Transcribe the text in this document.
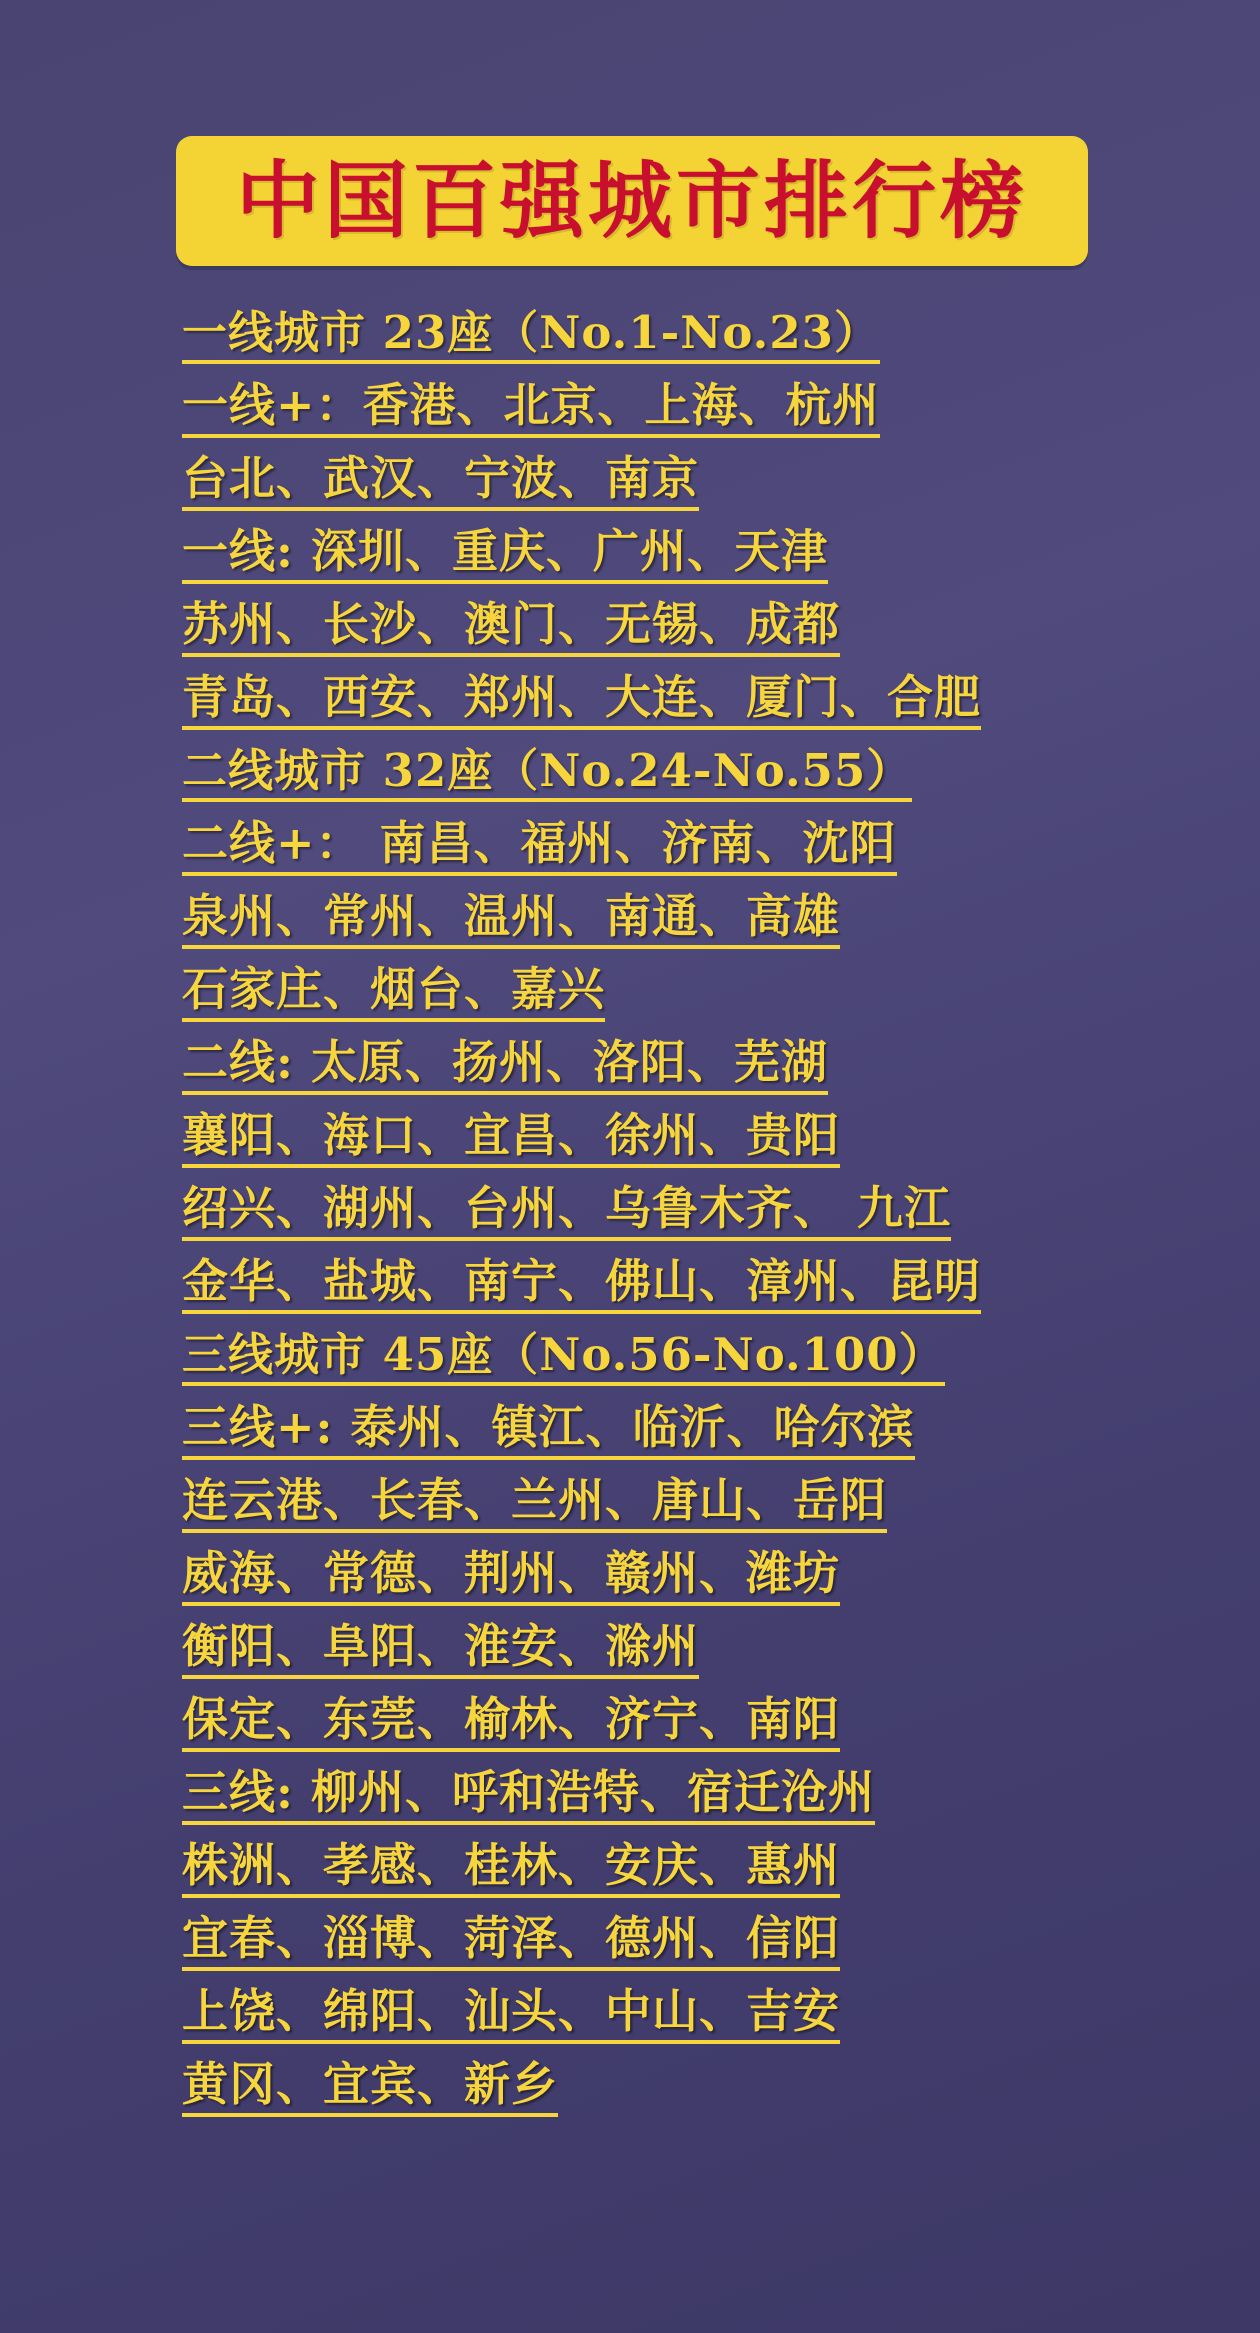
中国百强城市排行榜
一线城市 23座（No.1-No.23）
一线+：香港、北京、上海、杭州
台北、武汉、宁波、南京
一线: 深圳、重庆、广州、天津
苏州、长沙、澳门、无锡、成都
青岛、西安、郑州、大连、厦门、合肥
二线城市 32座（No.24-No.55）
二线+： 南昌、福州、济南、沈阳
泉州、常州、温州、南通、高雄
石家庄、烟台、嘉兴
二线: 太原、扬州、洛阳、芜湖
襄阳、海口、宜昌、徐州、贵阳
绍兴、湖州、台州、乌鲁木齐、 九江
金华、盐城、南宁、佛山、漳州、昆明
三线城市 45座（No.56-No.100）
三线+: 泰州、镇江、临沂、哈尔滨
连云港、长春、兰州、唐山、岳阳
威海、常德、荆州、赣州、潍坊
衡阳、阜阳、淮安、滁州
保定、东莞、榆林、济宁、南阳
三线: 柳州、呼和浩特、宿迁沧州
株洲、孝感、桂林、安庆、惠州
宜春、淄博、菏泽、德州、信阳
上饶、绵阳、汕头、中山、吉安
黄冈、宜宾、新乡
